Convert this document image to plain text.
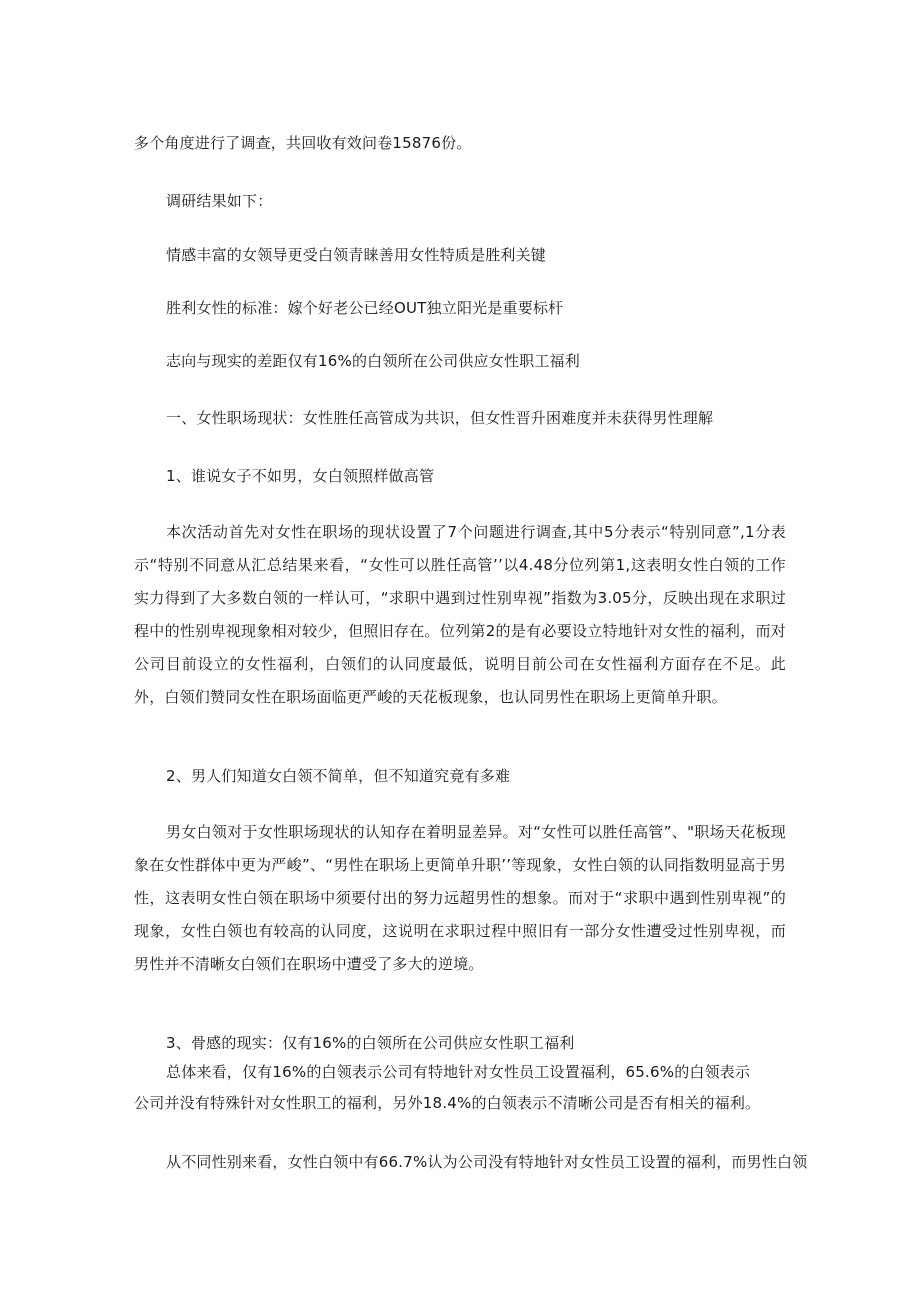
多个角度进行了调查，共回收有效问卷15876份。
调研结果如下：
情感丰富的女领导更受白领青睐善用女性特质是胜利关键
胜利女性的标准：嫁个好老公已经OUT独立阳光是重要标杆
志向与现实的差距仅有16%的白领所在公司供应女性职工福利
一、女性职场现状：女性胜任高管成为共识，但女性晋升困难度并未获得男性理解
1、谁说女子不如男，女白领照样做高管
本次活动首先对女性在职场的现状设置了7个问题进行调查,其中5分表示“特别同意”,1分表示“特别不同意从汇总结果来看，“女性可以胜任高管’’以4.48分位列第1,这表明女性白领的工作实力得到了大多数白领的一样认可，“求职中遇到过性别卑视”指数为3.05分，反映出现在求职过程中的性别卑视现象相对较少，但照旧存在。位列第2的是有必要设立特地针对女性的福利，而对公司目前设立的女性福利，白领们的认同度最低，说明目前公司在女性福利方面存在不足。此外，白领们赞同女性在职场面临更严峻的天花板现象，也认同男性在职场上更简单升职。
2、男人们知道女白领不简单，但不知道究竟有多难
男女白领对于女性职场现状的认知存在着明显差异。对“女性可以胜任高管”、"职场天花板现象在女性群体中更为严峻”、“男性在职场上更简单升职’’等现象，女性白领的认同指数明显高于男性，这表明女性白领在职场中须要付出的努力远超男性的想象。而对于“求职中遇到性别卑视”的现象，女性白领也有较高的认同度，这说明在求职过程中照旧有一部分女性遭受过性别卑视，而男性并不清晰女白领们在职场中遭受了多大的逆境。
3、骨感的现实：仅有16%的白领所在公司供应女性职工福利
总体来看，仅有16%的白领表示公司有特地针对女性员工设置福利，65.6%的白领表示
公司并没有特殊针对女性职工的福利，另外18.4%的白领表示不清晰公司是否有相关的福利。
从不同性别来看，女性白领中有66.7%认为公司没有特地针对女性员工设置的福利，而男性白领
